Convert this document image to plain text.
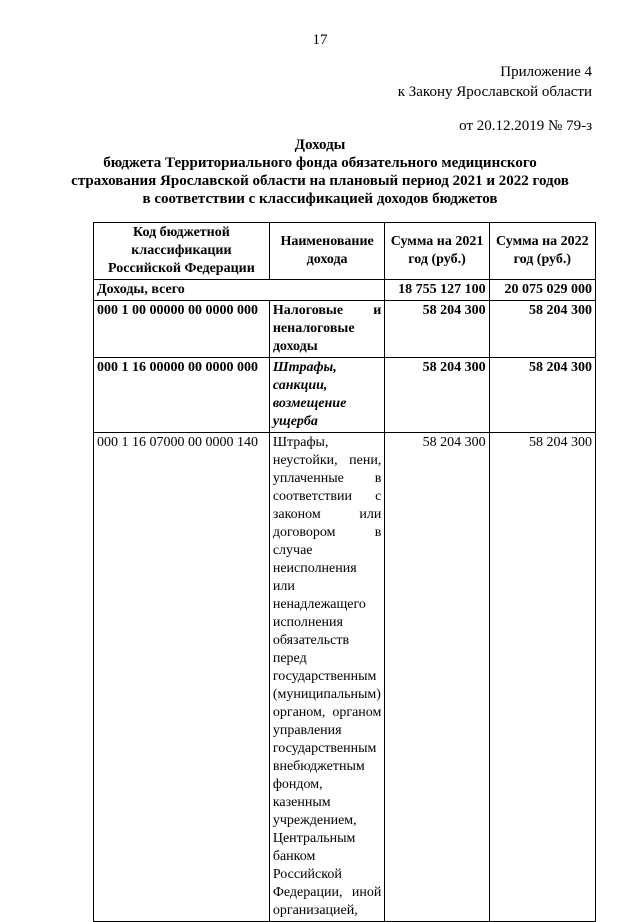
17
Приложение 4
к Закону Ярославской области
от 20.12.2019 № 79-з
Доходы
бюджета Территориального фонда обязательного медицинского
страхования Ярославской области на плановый период 2021 и 2022 годов
в соответствии с классификацией доходов бюджетов
Код бюджетной классификации Российской Федерации	Наименование дохода	Сумма на 2021 год (руб.)	Сумма на 2022 год (руб.)
Доходы, всего		18 755 127 100	20 075 029 000
000 1 00 00000 00 0000 000	Налоговые и неналоговые доходы	58 204 300	58 204 300
000 1 16 00000 00 0000 000	Штрафы, санкции, возмещение ущерба	58 204 300	58 204 300
000 1 16 07000 00 0000 140	Штрафы, неустойки, пени, уплаченные в соответствии с законом или договором в случае неисполнения или ненадлежащего исполнения обязательств перед государственным (муниципальным) органом, органом управления государственным внебюджетным фондом, казенным учреждением, Центральным банком Российской Федерации, иной организацией,	58 204 300	58 204 300
